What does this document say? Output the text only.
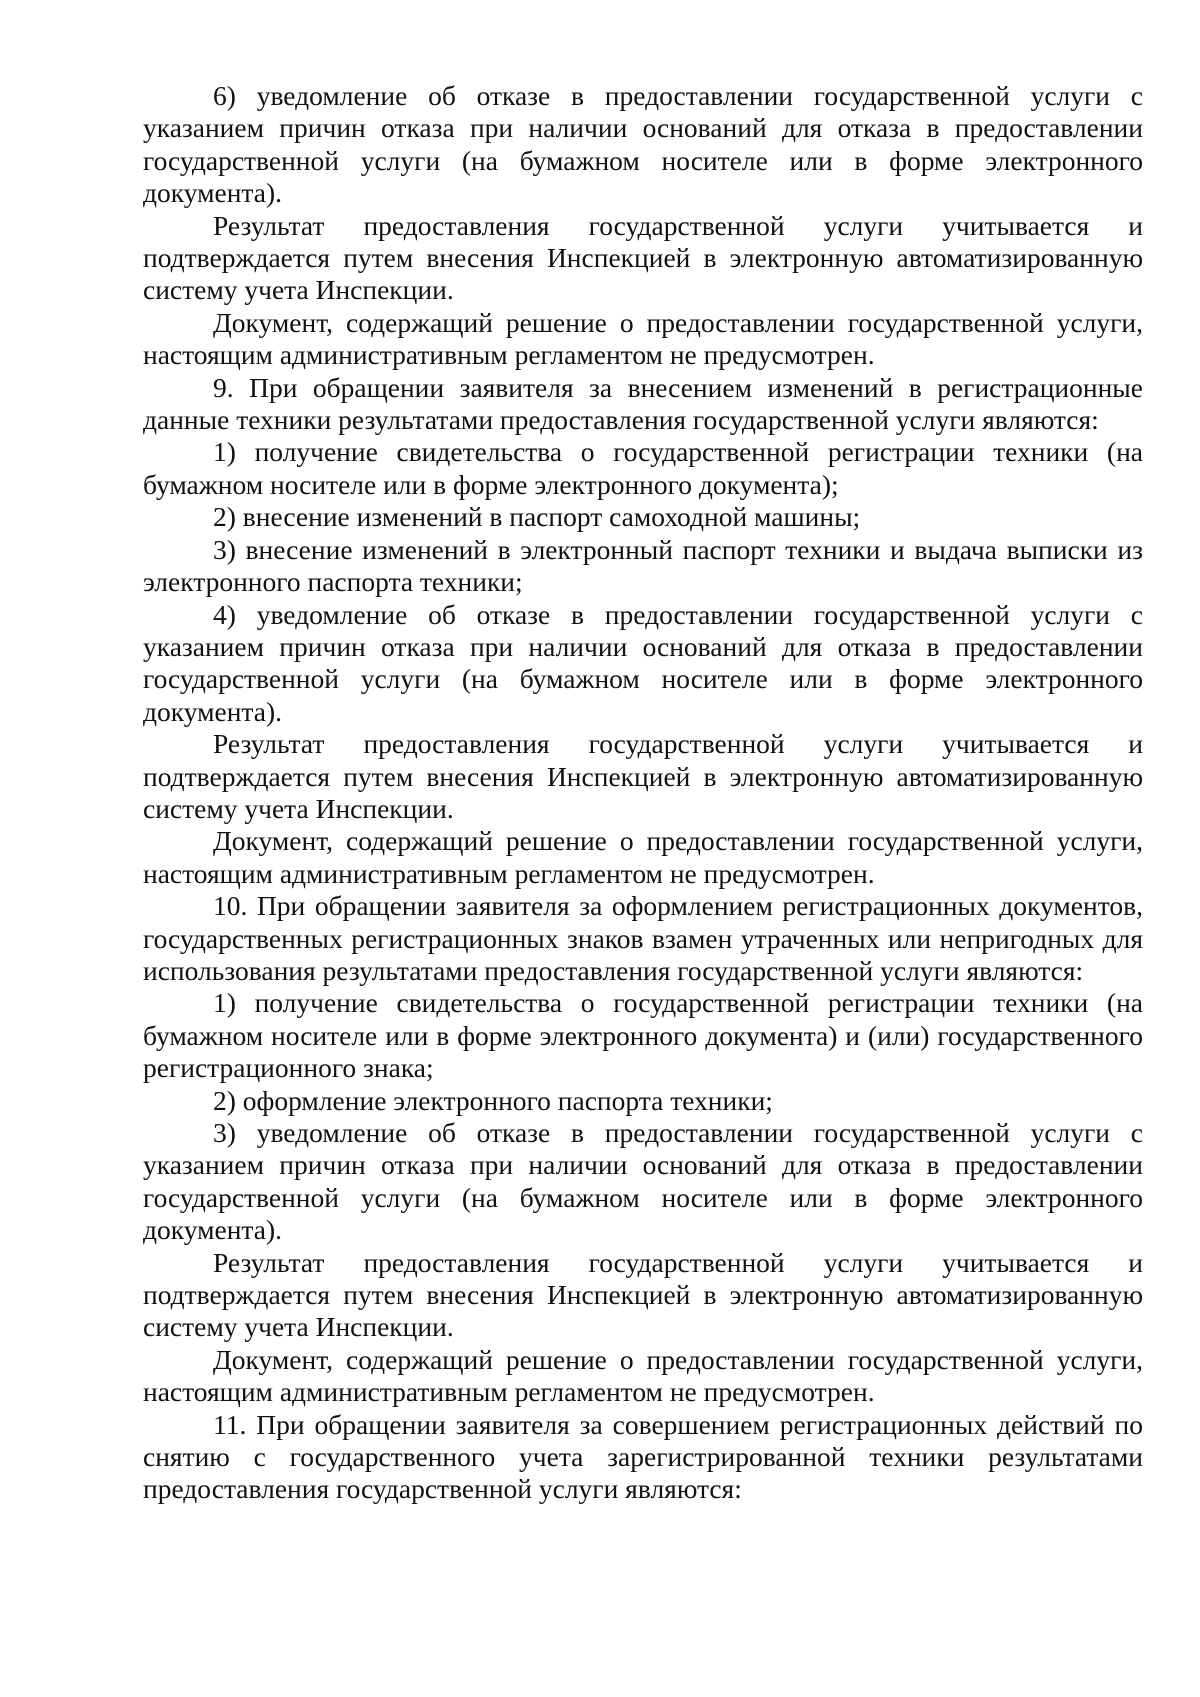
6) уведомление об отказе в предоставлении государственной услуги с указанием причин отказа при наличии оснований для отказа в предоставлении государственной услуги (на бумажном носителе или в форме электронного документа).

Результат предоставления государственной услуги учитывается и подтверждается путем внесения Инспекцией в электронную автоматизированную систему учета Инспекции.

Документ, содержащий решение о предоставлении государственной услуги, настоящим административным регламентом не предусмотрен.

9. При обращении заявителя за внесением изменений в регистрационные данные техники результатами предоставления государственной услуги являются:

1) получение свидетельства о государственной регистрации техники (на бумажном носителе или в форме электронного документа);

2) внесение изменений в паспорт самоходной машины;

3) внесение изменений в электронный паспорт техники и выдача выписки из электронного паспорта техники;

4) уведомление об отказе в предоставлении государственной услуги с указанием причин отказа при наличии оснований для отказа в предоставлении государственной услуги (на бумажном носителе или в форме электронного документа).

Результат предоставления государственной услуги учитывается и подтверждается путем внесения Инспекцией в электронную автоматизированную систему учета Инспекции.

Документ, содержащий решение о предоставлении государственной услуги, настоящим административным регламентом не предусмотрен.

10. При обращении заявителя за оформлением регистрационных документов, государственных регистрационных знаков взамен утраченных или непригодных для использования результатами предоставления государственной услуги являются:

1) получение свидетельства о государственной регистрации техники (на бумажном носителе или в форме электронного документа) и (или) государственного регистрационного знака;

2) оформление электронного паспорта техники;

3) уведомление об отказе в предоставлении государственной услуги с указанием причин отказа при наличии оснований для отказа в предоставлении государственной услуги (на бумажном носителе или в форме электронного документа).

Результат предоставления государственной услуги учитывается и подтверждается путем внесения Инспекцией в электронную автоматизированную систему учета Инспекции.

Документ, содержащий решение о предоставлении государственной услуги, настоящим административным регламентом не предусмотрен.

11. При обращении заявителя за совершением регистрационных действий по снятию с государственного учета зарегистрированной техники результатами предоставления государственной услуги являются:
